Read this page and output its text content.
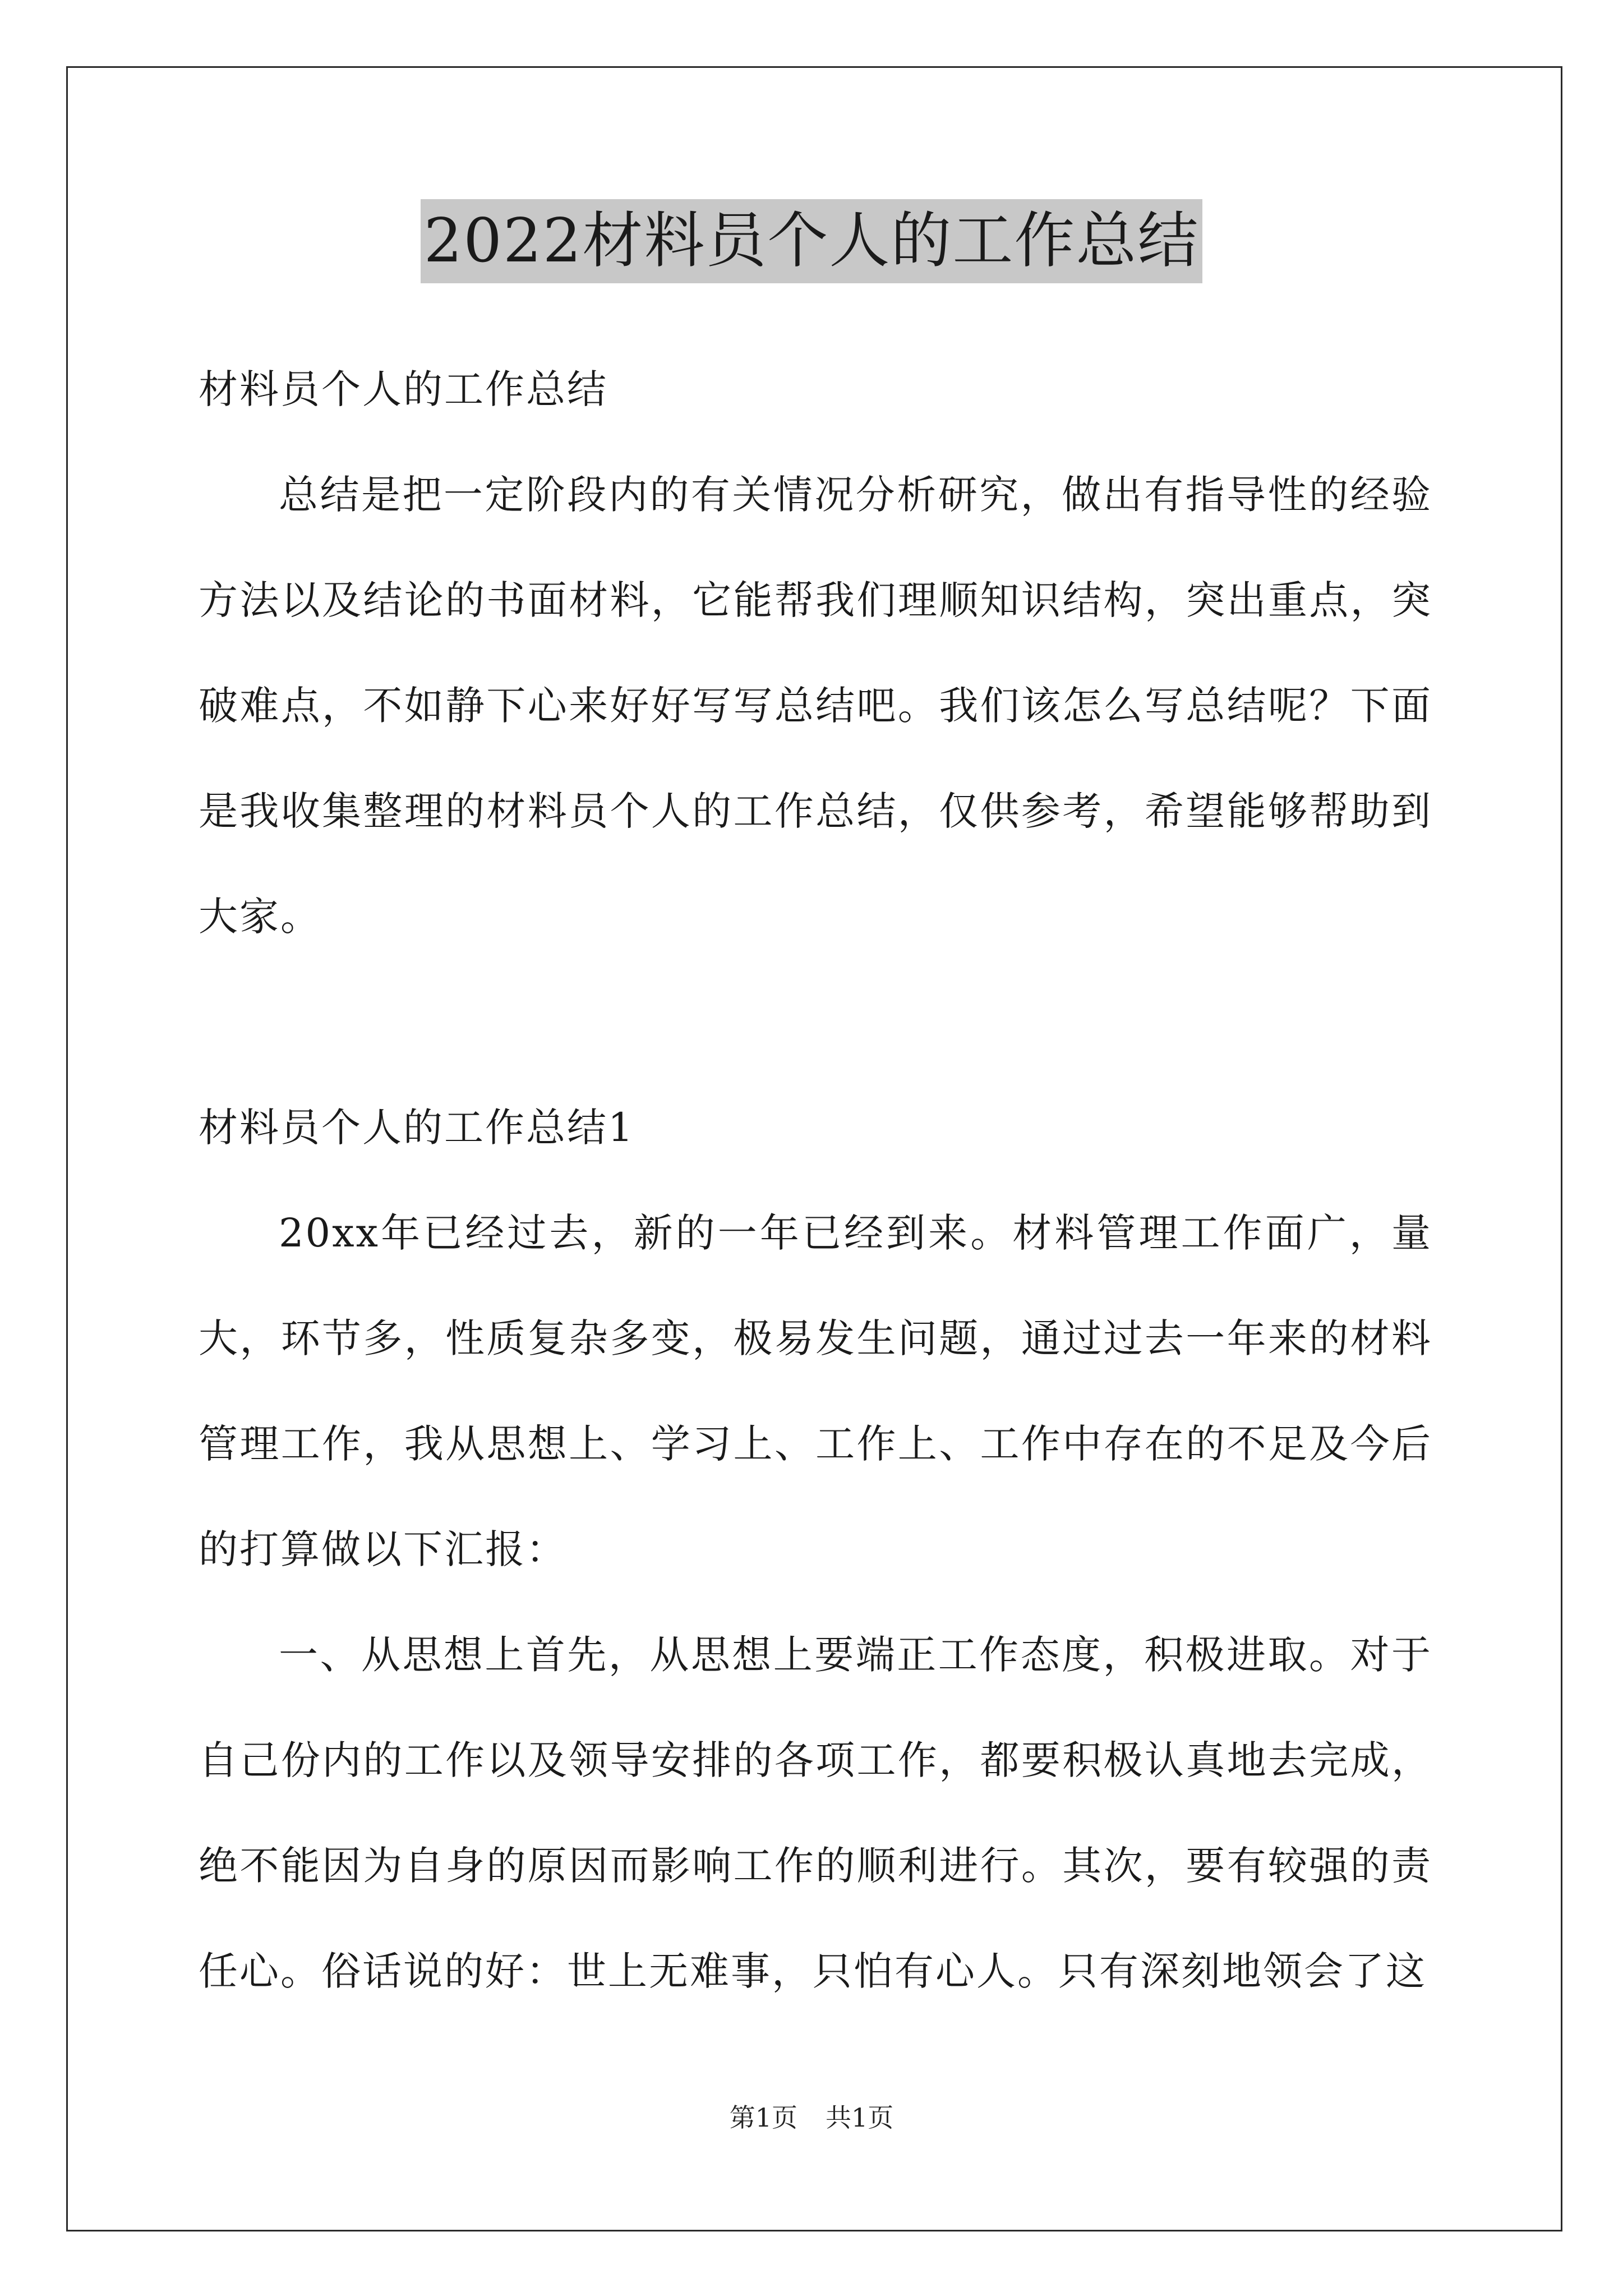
2022材料员个人的工作总结

材料员个人的工作总结

总结是把一定阶段内的有关情况分析研究，做出有指导性的经验方法以及结论的书面材料，它能帮我们理顺知识结构，突出重点，突破难点，不如静下心来好好写写总结吧。我们该怎么写总结呢？下面是我收集整理的材料员个人的工作总结，仅供参考，希望能够帮助到大家。

材料员个人的工作总结1

20xx年已经过去，新的一年已经到来。材料管理工作面广，量大，环节多，性质复杂多变，极易发生问题，通过过去一年来的材料管理工作，我从思想上、学习上、工作上、工作中存在的不足及今后的打算做以下汇报：

一、从思想上首先，从思想上要端正工作态度，积极进取。对于自己份内的工作以及领导安排的各项工作，都要积极认真地去完成，绝不能因为自身的原因而影响工作的顺利进行。其次，要有较强的责任心。俗话说的好：世上无难事，只怕有心人。只有深刻地领会了这

第1页 共1页
